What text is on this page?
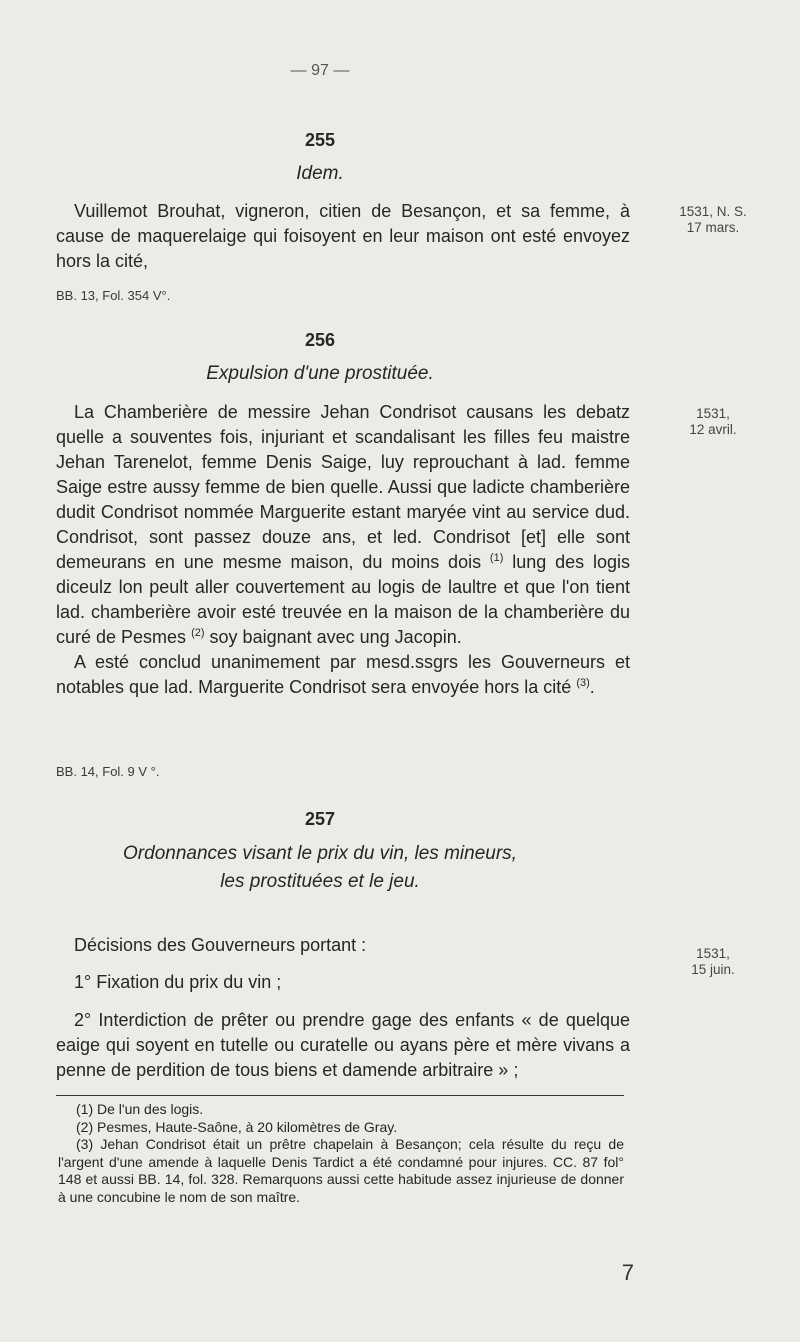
— 97 —
255
Idem.

Vuillemot Brouhat, vigneron, citien de Besançon, et sa femme, à cause de maquerelaige qui foisoyent en leur maison ont esté envoyez hors la cité,

1531, N. S.
17 mars.
BB. 13, Fol. 354 V°.
256
Expulsion d'une prostituée.

La Chamberière de messire Jehan Condrisot causans les debatz quelle a souventes fois, injuriant et scandalisant les filles feu maistre Jehan Tarenelot, femme Denis Saige, luy reprouchant à lad. femme Saige estre aussy femme de bien quelle. Aussi que ladicte chamberière dudit Condrisot nommée Marguerite estant maryée vint au service dud. Condrisot, sont passez douze ans, et led. Condrisot [et] elle sont demeurans en une mesme maison, du moins dois $^{(1)}$ lung des logis diceulz lon peult aller couvertement au logis de laultre et que l'on tient lad. chamberière avoir esté treuvée en la maison de la chamberière du curé de Pesmes $^{(2)}$ soy baignant avec ung Jacopin.

A esté conclud unanimement par mesd.ssgrs les Gouverneurs et notables que lad. Marguerite Condrisot sera envoyée hors la cité $^{(3)}$.

1531,
12 avril.
BB. 14, Fol. 9 V °.
257
Ordonnances visant le prix du vin, les mineurs,
les prostituées et le jeu.
1531,
15 juin.

Décisions des Gouverneurs portant :

1° Fixation du prix du vin ;

2° Interdiction de prêter ou prendre gage des enfants « de quelque eaige qui soyent en tutelle ou curatelle ou ayans père et mère vivans a penne de perdition de tous biens et damende arbitraire » ;

(1) De l'un des logis.

(2) Pesmes, Haute-Saône, à 20 kilomètres de Gray.

(3) Jehan Condrisot était un prêtre chapelain à Besançon; cela résulte du reçu de l'argent d'une amende à laquelle Denis Tardict a été condamné pour injures. CC. 87 fol° 148 et aussi BB. 14, fol. 328. Remarquons aussi cette habitude assez injurieuse de donner à une concubine le nom de son maître.

7
